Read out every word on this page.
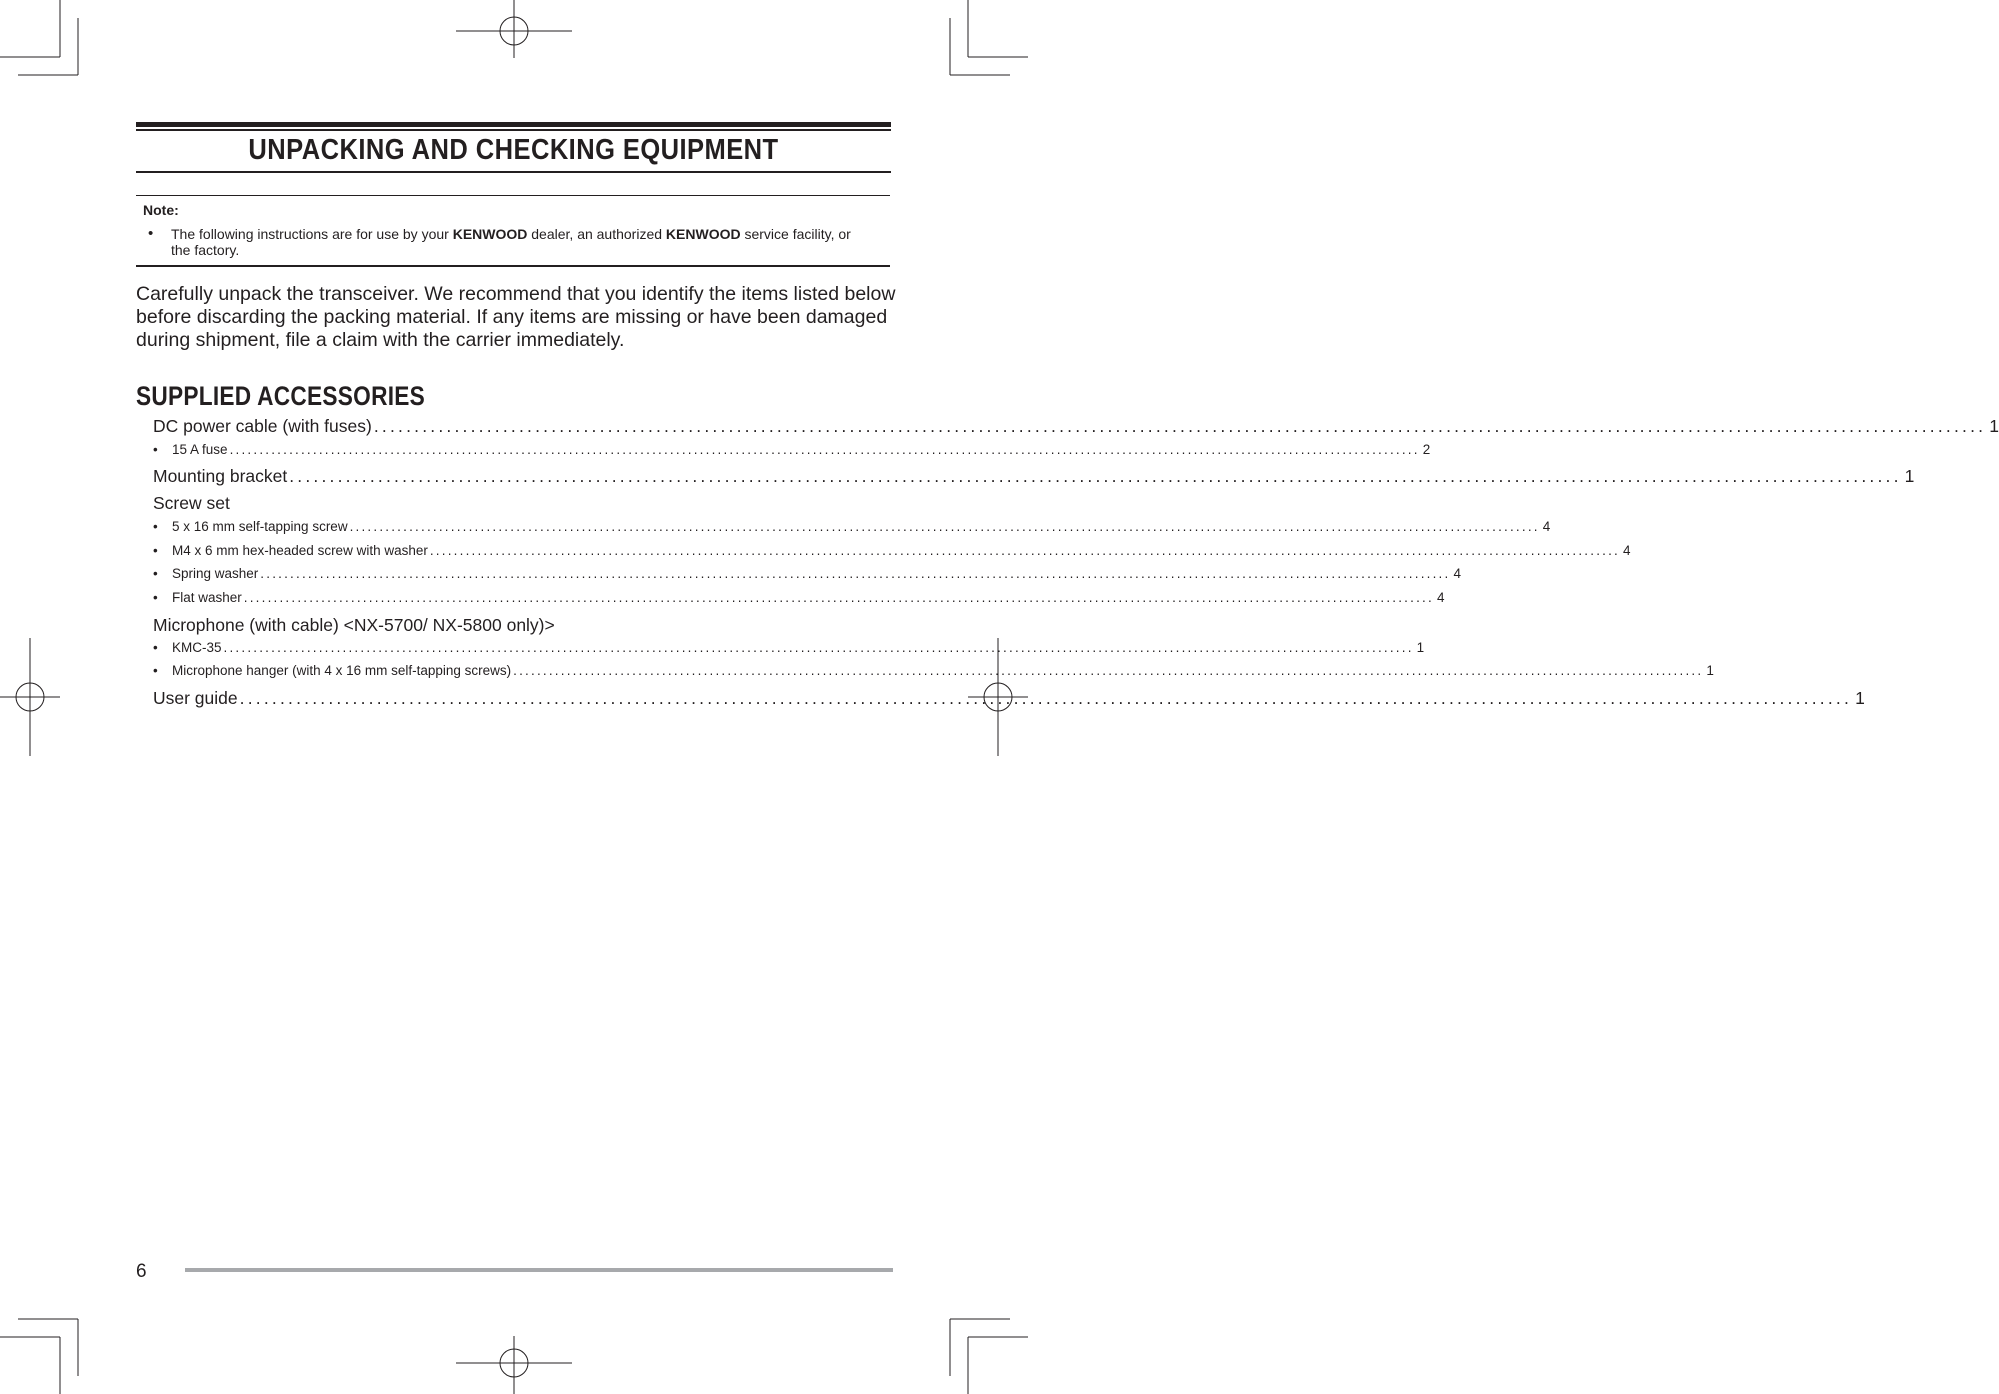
UNPACKING AND CHECKING EQUIPMENT
Note:
• The following instructions are for use by your KENWOOD dealer, an authorized KENWOOD service facility, or the factory.
Carefully unpack the transceiver. We recommend that you identify the items listed below before discarding the packing material. If any items are missing or have been damaged during shipment, file a claim with the carrier immediately.
SUPPLIED ACCESSORIES
DC power cable (with fuses) ........................................................................................................................................................................................................ 1
•	15 A fuse ........................................................................................................................................................................................................ 2
Mounting bracket ........................................................................................................................................................................................................ 1
Screw set
•	5 x 16 mm self-tapping screw ........................................................................................................................................................................................................ 4
•	M4 x 6 mm hex-headed screw with washer ........................................................................................................................................................................................................ 4
•	Spring washer ........................................................................................................................................................................................................ 4
•	Flat washer ........................................................................................................................................................................................................ 4
Microphone (with cable) <NX-5700/ NX-5800 only)>
•	KMC-35 ........................................................................................................................................................................................................ 1
•	Microphone hanger (with 4 x 16 mm self-tapping screws) ........................................................................................................................................................................................................ 1
User guide ........................................................................................................................................................................................................ 1
6
